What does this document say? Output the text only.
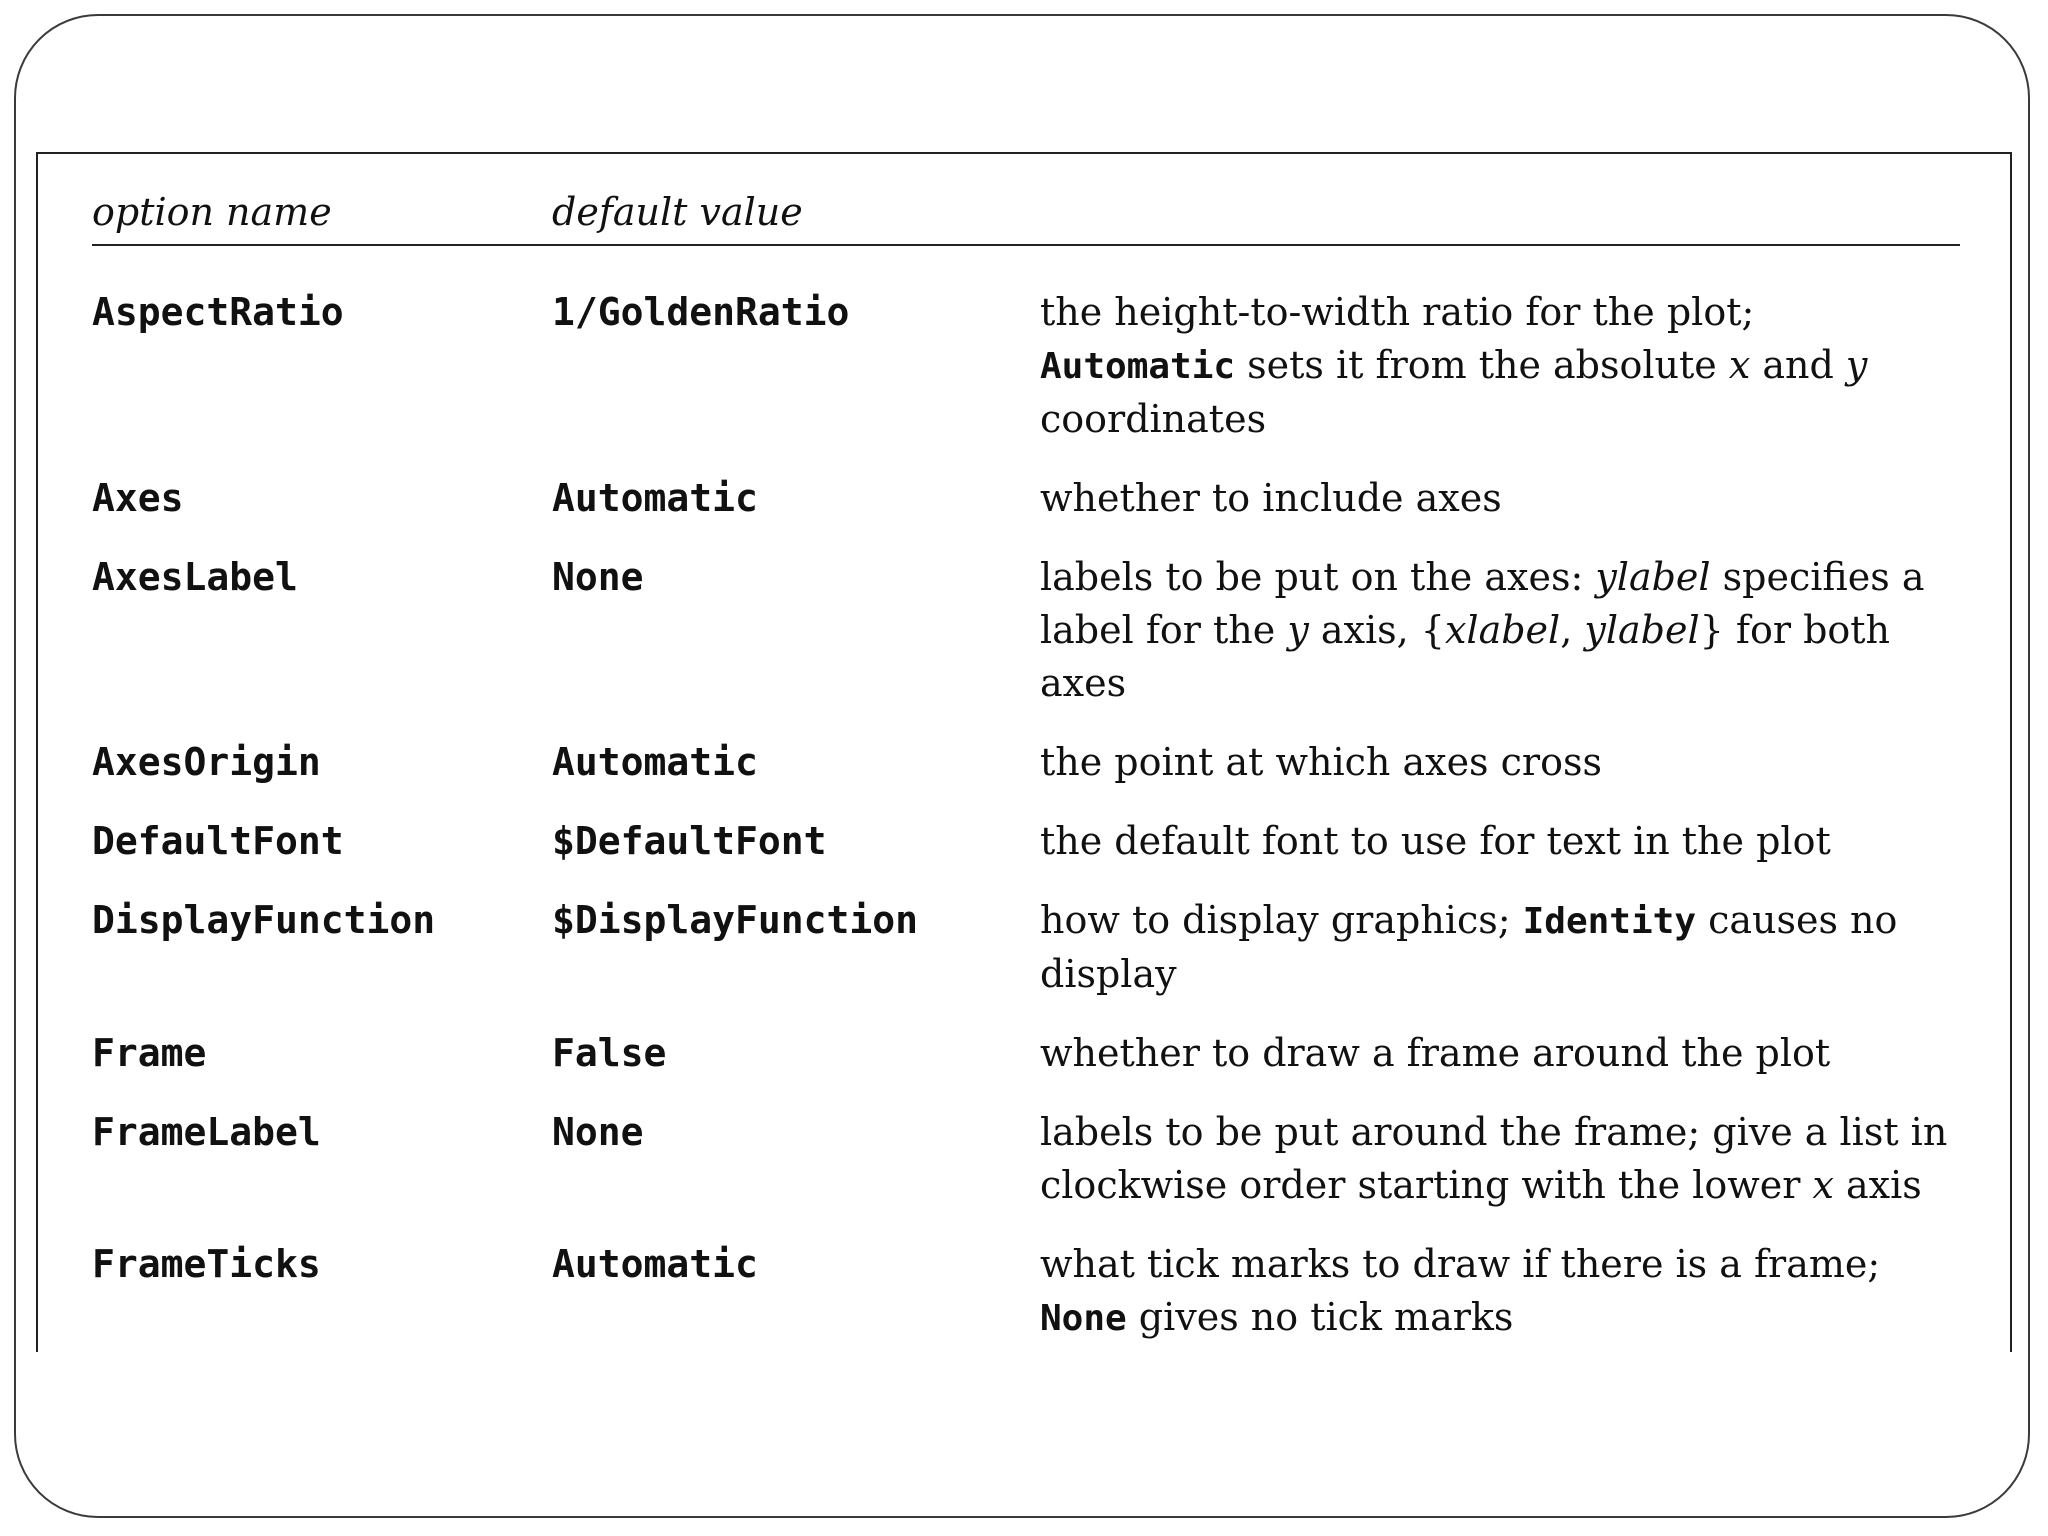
option name	default value
AspectRatio	1/GoldenRatio	the height-to-width ratio for the plot;
Automatic sets it from the absolute x and y
coordinates
Axes	Automatic	whether to include axes
AxesLabel	None	labels to be put on the axes: ylabel specifies a
label for the y axis, {xlabel, ylabel} for both
axes
AxesOrigin	Automatic	the point at which axes cross
DefaultFont	$DefaultFont	the default font to use for text in the plot
DisplayFunction	$DisplayFunction	how to display graphics; Identity causes no
display
Frame	False	whether to draw a frame around the plot
FrameLabel	None	labels to be put around the frame; give a list in
clockwise order starting with the lower x axis
FrameTicks	Automatic	what tick marks to draw if there is a frame;
None gives no tick marks
